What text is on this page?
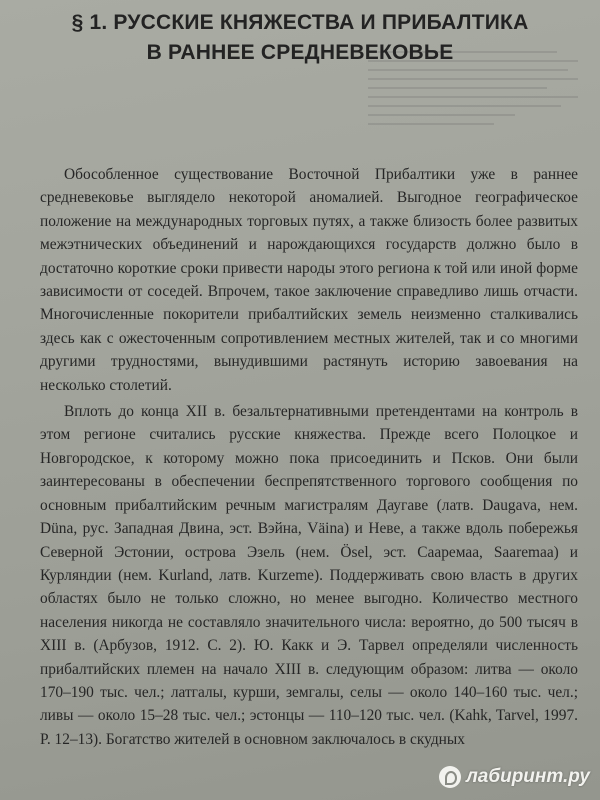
§ 1. РУССКИЕ КНЯЖЕСТВА И ПРИБАЛТИКА
В РАННЕЕ СРЕДНЕВЕКОВЬЕ

Обособленное существование Восточной Прибалтики уже в раннее средневековье выглядело некоторой аномалией. Выгодное географическое положение на международных торговых путях, а также близость более развитых межэтнических объединений и нарождающихся государств должно было в достаточно короткие сроки привести народы этого региона к той или иной форме зависимости от соседей. Впрочем, такое заключение справедливо лишь отчасти. Многочисленные покорители прибалтийских земель неизменно сталкивались здесь как с ожесточенным сопротивлением местных жителей, так и со многими другими трудностями, вынудившими растянуть историю завоевания на несколько столетий.

Вплоть до конца XII в. безальтернативными претендентами на контроль в этом регионе считались русские княжества. Прежде всего Полоцкое и Новгородское, к которому можно пока присоединить и Псков. Они были заинтересованы в обеспечении беспрепятственного торгового сообщения по основным прибалтийским речным магистралям Даугаве (латв. Daugava, нем. Düna, рус. Западная Двина, эст. Вэйна, Väina) и Неве, а также вдоль побережья Северной Эстонии, острова Эзель (нем. Ösel, эст. Сааремаа, Saaremaa) и Курляндии (нем. Kurland, латв. Kurzeme). Поддерживать свою власть в других областях было не только сложно, но менее выгодно. Количество местного населения никогда не составляло значительного числа: вероятно, до 500 тысяч в XIII в. (Арбузов, 1912. С. 2). Ю. Какк и Э. Тарвел определяли численность прибалтийских племен на начало XIII в. следующим образом: литва — около 170–190 тыс. чел.; латгалы, курши, земгалы, селы — около 140–160 тыс. чел.; ливы — около 15–28 тыс. чел.; эстонцы — 110–120 тыс. чел. (Kahk, Tarvel, 1997. P. 12–13). Богатство жителей в основном заключалось в скудных

лабиринт.ру
